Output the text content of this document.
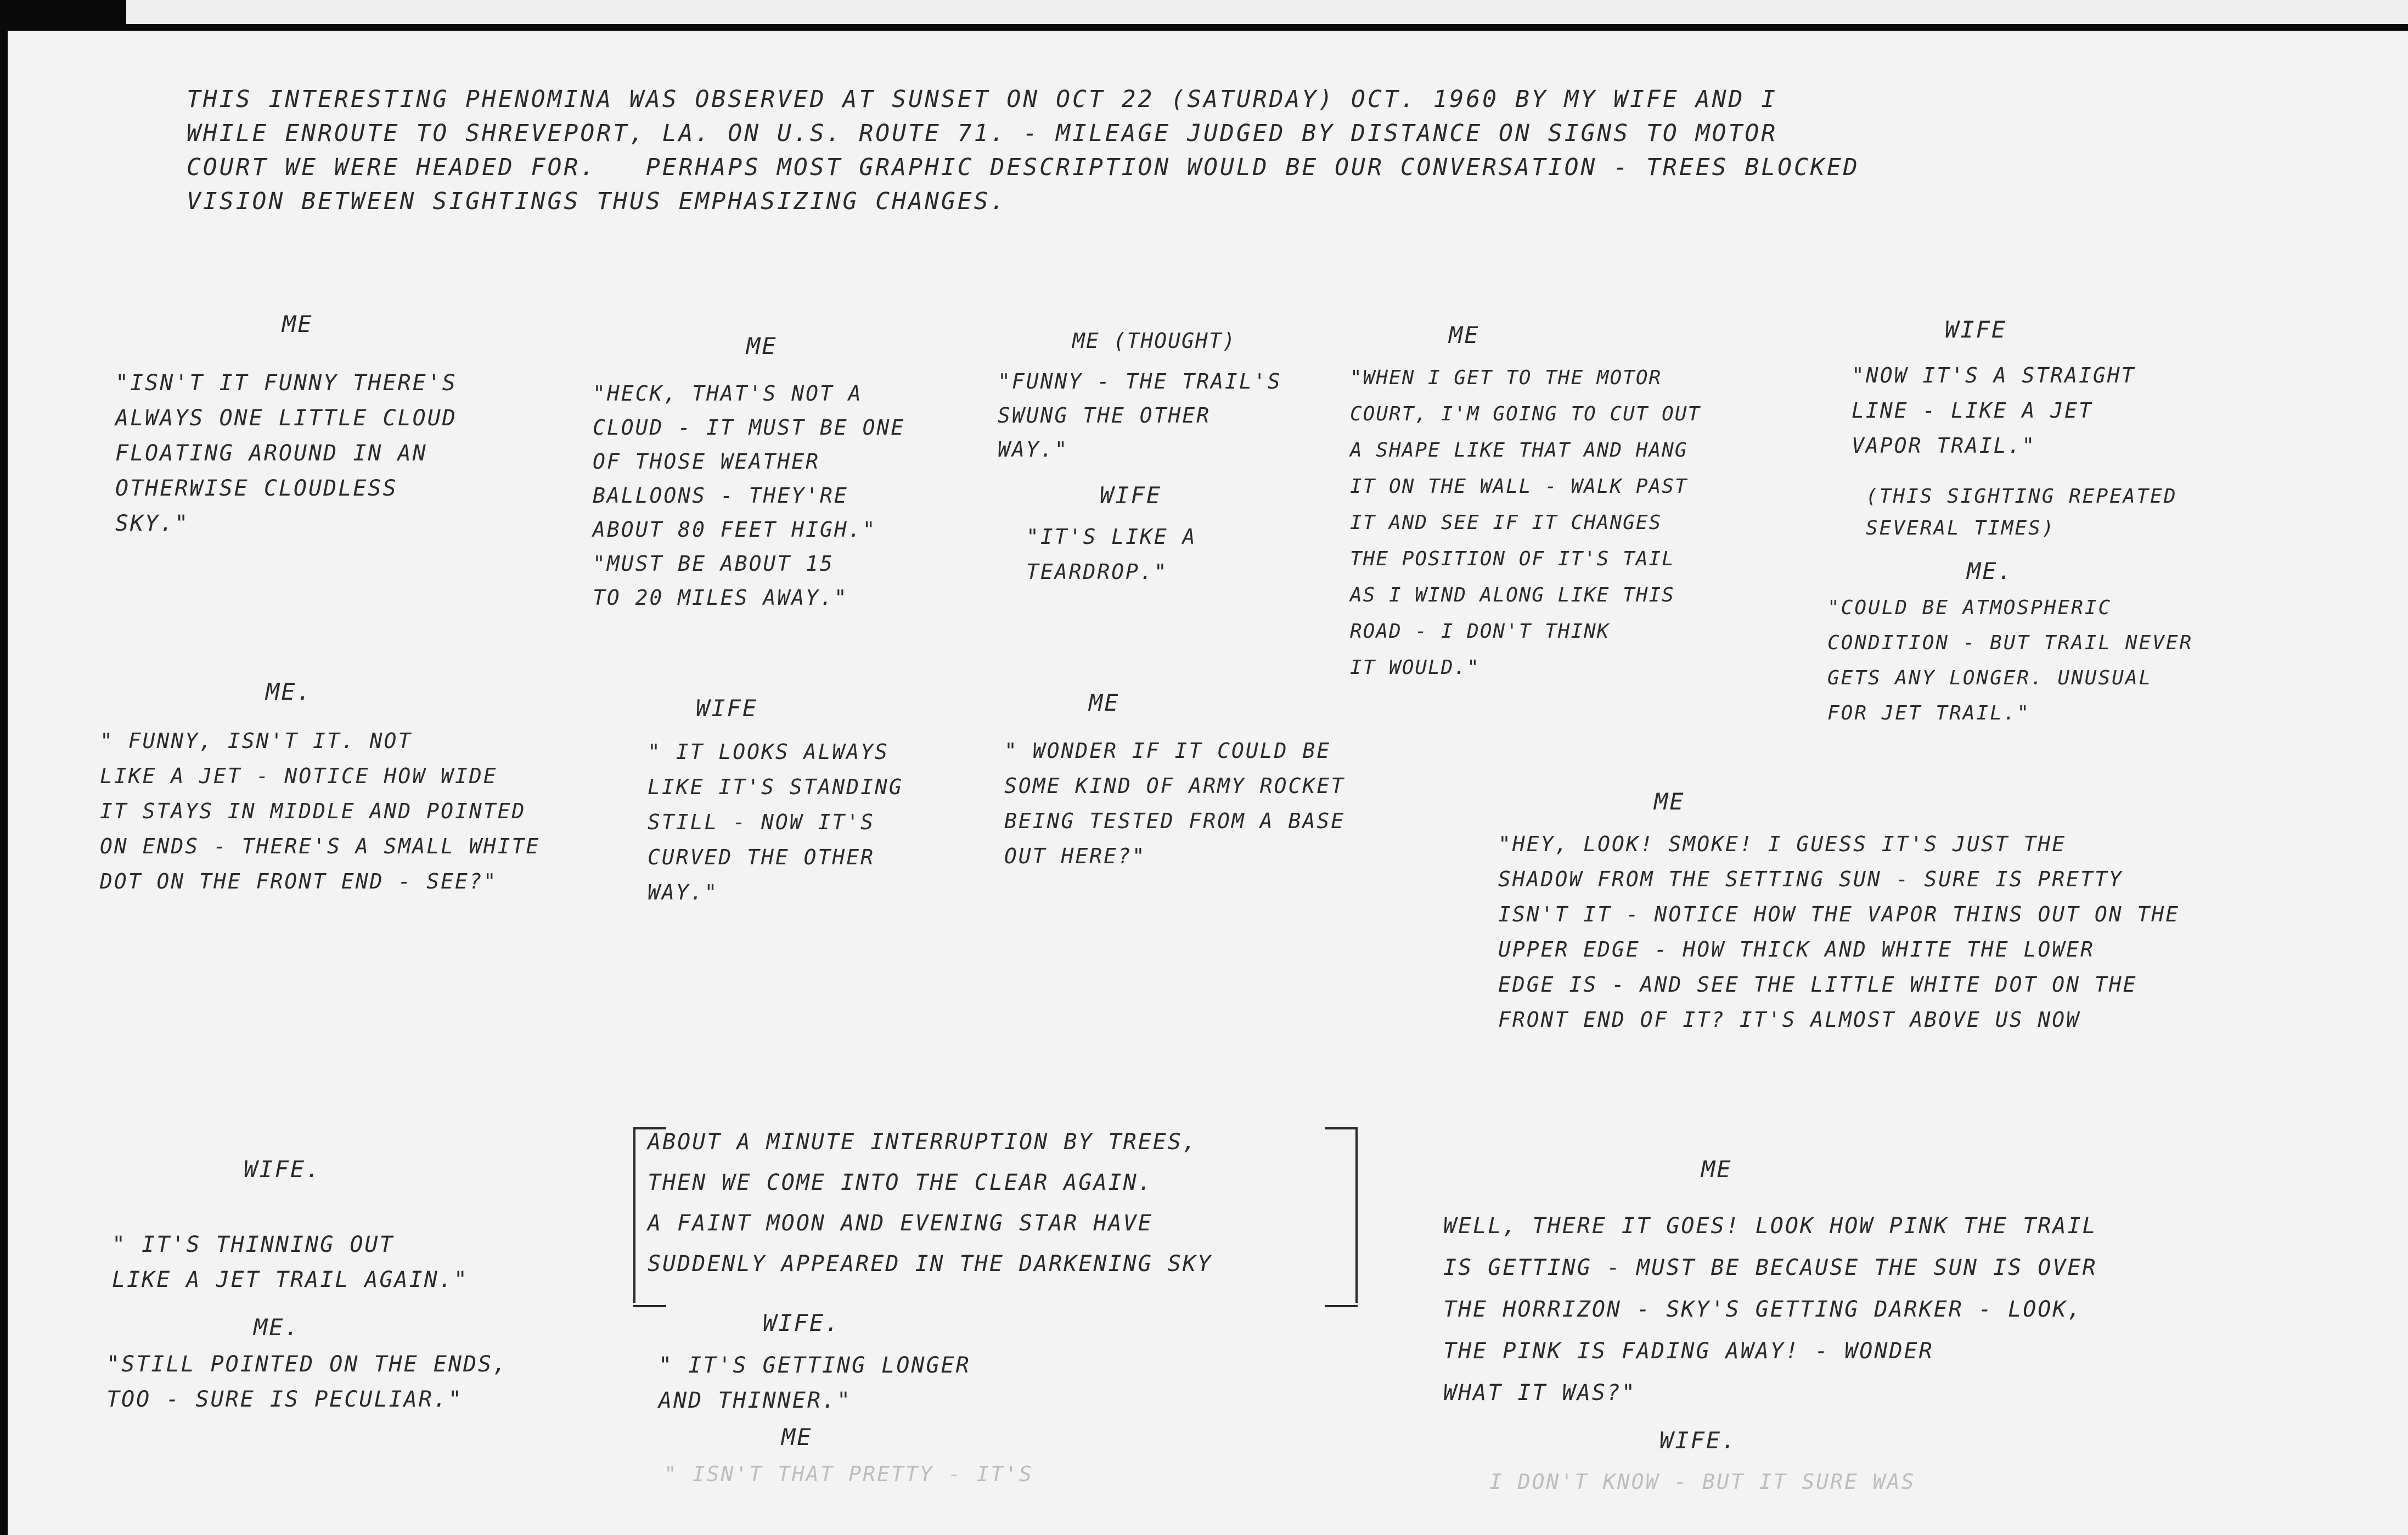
THIS INTERESTING PHENOMINA WAS OBSERVED AT SUNSET ON OCT 22 (SATURDAY) OCT. 1960 BY MY WIFE AND I
WHILE ENROUTE TO SHREVEPORT, LA. ON U.S. ROUTE 71. - MILEAGE JUDGED BY DISTANCE ON SIGNS TO MOTOR
COURT WE WERE HEADED FOR.   PERHAPS MOST GRAPHIC DESCRIPTION WOULD BE OUR CONVERSATION - TREES BLOCKED
VISION BETWEEN SIGHTINGS THUS EMPHASIZING CHANGES.

ME

"ISN'T IT FUNNY THERE'S
ALWAYS ONE LITTLE CLOUD
FLOATING AROUND IN AN
OTHERWISE CLOUDLESS
SKY."

ME

"HECK, THAT'S NOT A
CLOUD - IT MUST BE ONE
OF THOSE WEATHER
BALLOONS - THEY'RE
ABOUT 80 FEET HIGH."
"MUST BE ABOUT 15
TO 20 MILES AWAY."

ME (THOUGHT)

"FUNNY - THE TRAIL'S
SWUNG THE OTHER
WAY."

WIFE

"IT'S LIKE A
TEARDROP."

ME

"WHEN I GET TO THE MOTOR
COURT, I'M GOING TO CUT OUT
A SHAPE LIKE THAT AND HANG
IT ON THE WALL - WALK PAST
IT AND SEE IF IT CHANGES
THE POSITION OF IT'S TAIL
AS I WIND ALONG LIKE THIS
ROAD - I DON'T THINK
IT WOULD."

WIFE

"NOW IT'S A STRAIGHT
LINE - LIKE A JET
VAPOR TRAIL."

(THIS SIGHTING REPEATED
SEVERAL TIMES)

ME.

"COULD BE ATMOSPHERIC
CONDITION - BUT TRAIL NEVER
GETS ANY LONGER. UNUSUAL
FOR JET TRAIL."

ME.

" FUNNY, ISN'T IT. NOT
LIKE A JET - NOTICE HOW WIDE
IT STAYS IN MIDDLE AND POINTED
ON ENDS - THERE'S A SMALL WHITE
DOT ON THE FRONT END - SEE?"

WIFE

" IT LOOKS ALWAYS
LIKE IT'S STANDING
STILL - NOW IT'S
CURVED THE OTHER
WAY."

ME

" WONDER IF IT COULD BE
SOME KIND OF ARMY ROCKET
BEING TESTED FROM A BASE
OUT HERE?"

ME

"HEY, LOOK! SMOKE! I GUESS IT'S JUST THE
SHADOW FROM THE SETTING SUN - SURE IS PRETTY
ISN'T IT - NOTICE HOW THE VAPOR THINS OUT ON THE
UPPER EDGE - HOW THICK AND WHITE THE LOWER
EDGE IS - AND SEE THE LITTLE WHITE DOT ON THE
FRONT END OF IT? IT'S ALMOST ABOVE US NOW

WIFE.

" IT'S THINNING OUT
LIKE A JET TRAIL AGAIN."

ME.

"STILL POINTED ON THE ENDS,
TOO - SURE IS PECULIAR."

ABOUT A MINUTE INTERRUPTION BY TREES,
THEN WE COME INTO THE CLEAR AGAIN.
A FAINT MOON AND EVENING STAR HAVE
SUDDENLY APPEARED IN THE DARKENING SKY

WIFE.

" IT'S GETTING LONGER
AND THINNER."

ME

" ISN'T THAT PRETTY - IT'S

ME

WELL, THERE IT GOES! LOOK HOW PINK THE TRAIL
IS GETTING - MUST BE BECAUSE THE SUN IS OVER
THE HORRIZON - SKY'S GETTING DARKER - LOOK,
THE PINK IS FADING AWAY! - WONDER
WHAT IT WAS?"

WIFE.

I DON'T KNOW - BUT IT SURE WAS
